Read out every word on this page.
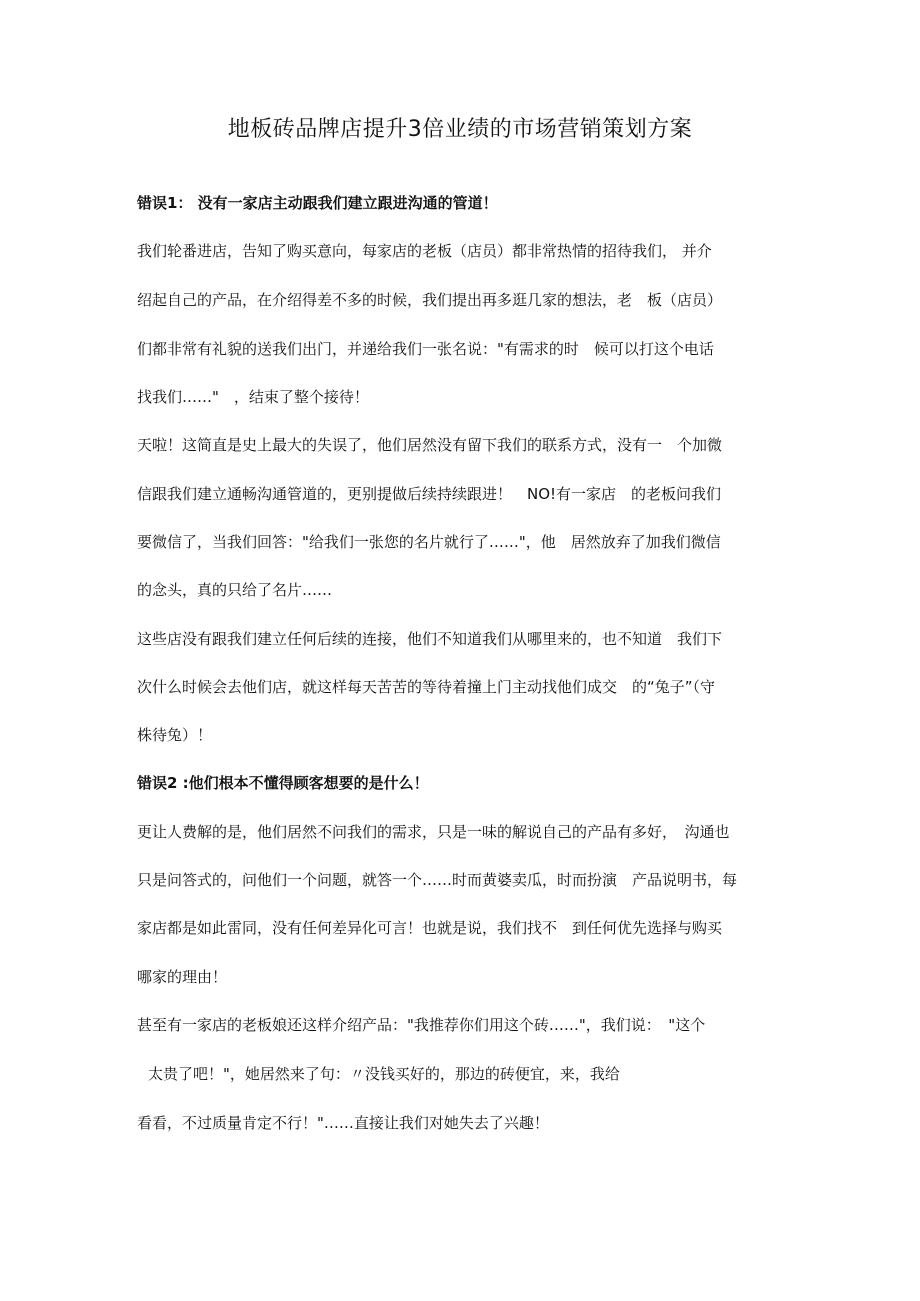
地板砖品牌店提升3倍业绩的市场营销策划方案

错误1： 没有一家店主动跟我们建立跟进沟通的管道！

我们轮番进店，告知了购买意向，每家店的老板（店员）都非常热情的招待我们， 并介

绍起自己的产品，在介绍得差不多的时候，我们提出再多逛几家的想法，老　板（店员）

们都非常有礼貌的送我们出门，并递给我们一张名说："有需求的时　候可以打这个电话

找我们……"　，结束了整个接待！

天啦！这简直是史上最大的失误了，他们居然没有留下我们的联系方式，没有一　个加微

信跟我们建立通畅沟通管道的，更别提做后续持续跟进！　NO!有一家店　的老板问我们

要微信了，当我们回答："给我们一张您的名片就行了……"，他　居然放弃了加我们微信

的念头，真的只给了名片……

这些店没有跟我们建立任何后续的连接，他们不知道我们从哪里来的，也不知道　我们下

次什么时候会去他们店，就这样每天苦苦的等待着撞上门主动找他们成交　的“兔子”（守

株待兔）！

错误2 :他们根本不懂得顾客想要的是什么！

更让人费解的是，他们居然不问我们的需求，只是一味的解说自己的产品有多好，　沟通也

只是问答式的，问他们一个问题，就答一个……时而黄婆卖瓜，时而扮演　产品说明书，每

家店都是如此雷同，没有任何差异化可言！也就是说，我们找不　到任何优先选择与购买

哪家的理由！

甚至有一家店的老板娘还这样介绍产品："我推荐你们用这个砖……"，我们说：　"这个

太贵了吧！"，她居然来了句：〃没钱买好的，那边的砖便宜，来，我给

看看，不过质量肯定不行！"……直接让我们对她失去了兴趣！
